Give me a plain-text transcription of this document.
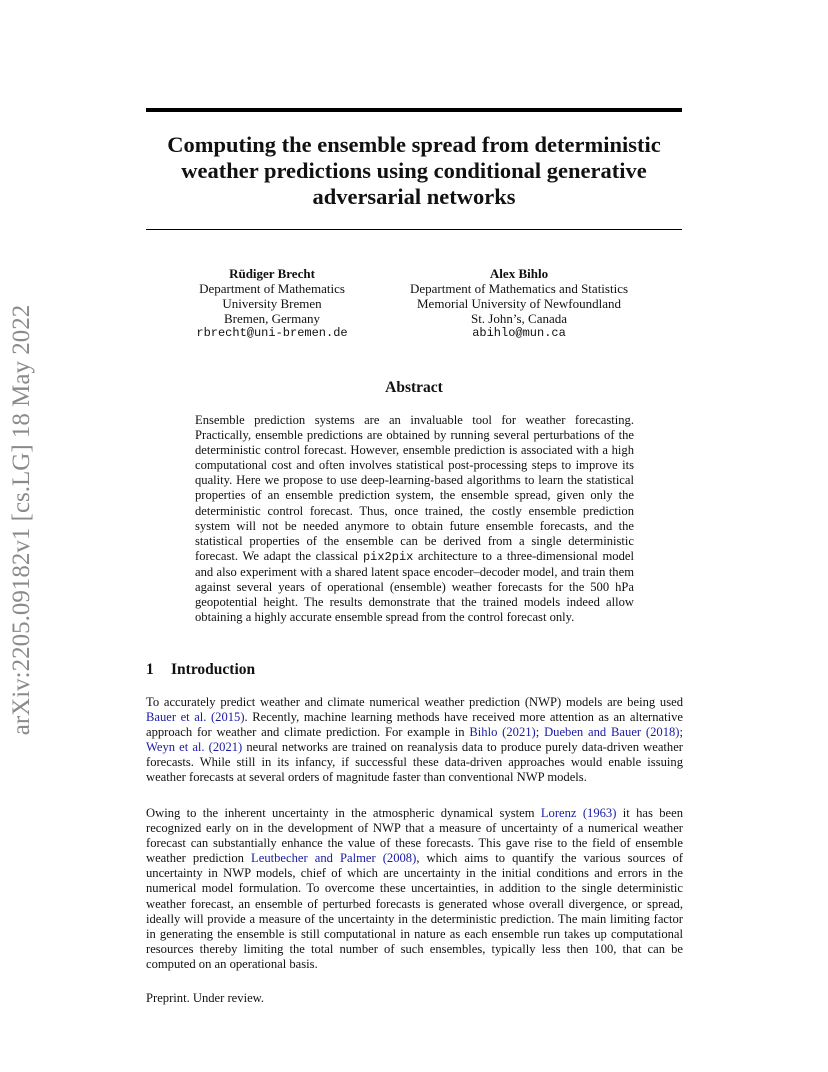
arXiv:2205.09182v1 [cs.LG] 18 May 2022
Computing the ensemble spread from deterministic weather predictions using conditional generative adversarial networks
Rüdiger Brecht
Department of Mathematics
University Bremen
Bremen, Germany
rbrecht@uni-bremen.de
Alex Bihlo
Department of Mathematics and Statistics
Memorial University of Newfoundland
St. John’s, Canada
abihlo@mun.ca
Abstract
Ensemble prediction systems are an invaluable tool for weather forecasting. Practically, ensemble predictions are obtained by running several perturbations of the deterministic control forecast. However, ensemble prediction is associated with a high computational cost and often involves statistical post-processing steps to improve its quality. Here we propose to use deep-learning-based algorithms to learn the statistical properties of an ensemble prediction system, the ensemble spread, given only the deterministic control forecast. Thus, once trained, the costly ensemble prediction system will not be needed anymore to obtain future ensemble forecasts, and the statistical properties of the ensemble can be derived from a single deterministic forecast. We adapt the classical pix2pix architecture to a three-dimensional model and also experiment with a shared latent space encoder–decoder model, and train them against several years of operational (ensemble) weather forecasts for the 500 hPa geopotential height. The results demonstrate that the trained models indeed allow obtaining a highly accurate ensemble spread from the control forecast only.
1 Introduction
To accurately predict weather and climate numerical weather prediction (NWP) models are being used Bauer et al. (2015). Recently, machine learning methods have received more attention as an alternative approach for weather and climate prediction. For example in Bihlo (2021); Dueben and Bauer (2018); Weyn et al. (2021) neural networks are trained on reanalysis data to produce purely data-driven weather forecasts. While still in its infancy, if successful these data-driven approaches would enable issuing weather forecasts at several orders of magnitude faster than conventional NWP models.
Owing to the inherent uncertainty in the atmospheric dynamical system Lorenz (1963) it has been recognized early on in the development of NWP that a measure of uncertainty of a numerical weather forecast can substantially enhance the value of these forecasts. This gave rise to the field of ensemble weather prediction Leutbecher and Palmer (2008), which aims to quantify the various sources of uncertainty in NWP models, chief of which are uncertainty in the initial conditions and errors in the numerical model formulation. To overcome these uncertainties, in addition to the single deterministic weather forecast, an ensemble of perturbed forecasts is generated whose overall divergence, or spread, ideally will provide a measure of the uncertainty in the deterministic prediction. The main limiting factor in generating the ensemble is still computational in nature as each ensemble run takes up computational resources thereby limiting the total number of such ensembles, typically less then 100, that can be computed on an operational basis.
Preprint. Under review.
